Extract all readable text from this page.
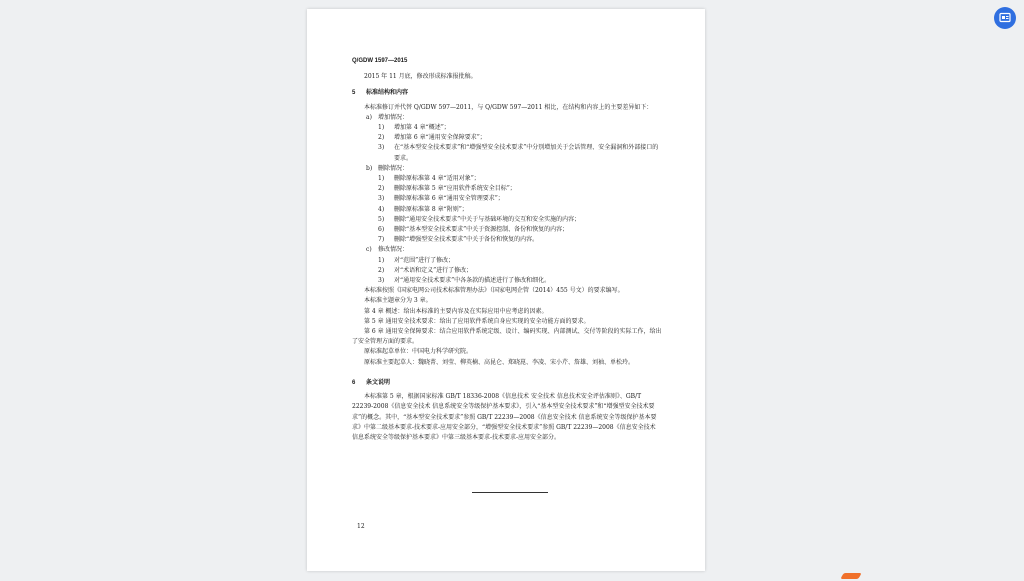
Q/GDW 1597—2015
2015 年 11 月底，修改形成标准报批稿。
5 标准结构和内容
本标准修订并代替 Q/GDW 597—2011，与 Q/GDW 597—2011 相比，在结构和内容上的主要差异如下：
a) 增加情况：
1) 增加第 4 章“概述”；
2) 增加第 6 章“通用安全保障要求”；
3) 在“基本型安全技术要求”和“增强型安全技术要求”中分别增加关于会话管理、安全漏洞和外部接口的要求。
b) 删除情况：
1) 删除原标准第 4 章“适用对象”；
2) 删除原标准第 5 章“应用软件系统安全目标”；
3) 删除原标准第 6 章“通用安全管理要求”；
4) 删除原标准第 8 章“附则”；
5) 删除“通用安全技术要求”中关于与基础环境的交互和安全实施的内容；
6) 删除“基本型安全技术要求”中关于资源控制、备份和恢复的内容；
7) 删除“增强型安全技术要求”中关于备份和恢复的内容。
c) 修改情况：
1) 对“范围”进行了修改；
2) 对“术语和定义”进行了修改；
3) 对“通用安全技术要求”中各条款的描述进行了修改和细化。
本标准按照《国家电网公司技术标准管理办法》（国家电网企管（2014）455 号文）的要求编写。
本标准主题章分为 3 章。
第 4 章 概述：给出本标准的主要内容及在实际应用中应考虑的因素。
第 5 章 通用安全技术要求：给出了应用软件系统自身应实现的安全功能方面的要求。
第 6 章 通用安全保障要求：结合应用软件系统定级、设计、编码实现、内部测试、交付等阶段的实际工作，给出了安全管理方面的要求。
原标准起草单位：中国电力科学研究院。
原标准主要起草人：魏晓菁、刘莹、柳英楠、高昆仑、郑晓崑、李凌、宋小芹、詹雄、刘袖、单松玲。
6 条文说明
本标准第 5 章，根据国家标准 GB/T 18336-2008《信息技术 安全技术 信息技术安全评估准则》、GB/T 22239-2008《信息安全技术 信息系统安全等级保护基本要求》，引入“基本型安全技术要求”和“增强型安全技术要求”的概念。其中，“基本型安全技术要求”参照 GB/T 22239—2008《信息安全技术 信息系统安全等级保护基本要求》中第二级基本要求-技术要求-应用安全部分，“增强型安全技术要求”参照 GB/T 22239—2008《信息安全技术 信息系统安全等级保护基本要求》中第三级基本要求-技术要求-应用安全部分。
12
